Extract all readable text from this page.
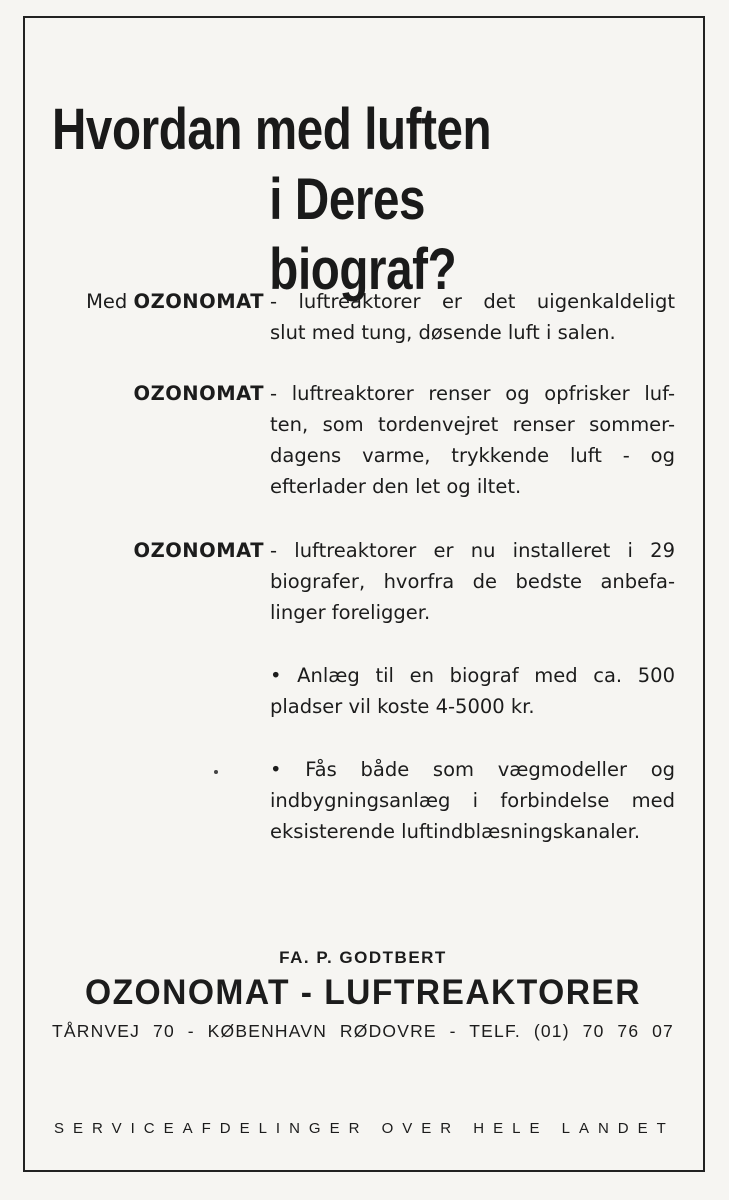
Hvordan med luften
i Deres biograf?
Med OZONOMAT - luftreaktorer er det uigenkaldeligt
slut med tung, døsende luft i salen.
OZONOMAT - luftreaktorer renser og opfrisker luf-
ten, som tordenvejret renser sommer-
dagens varme, trykkende luft - og
efterlader den let og iltet.
OZONOMAT - luftreaktorer er nu installeret i 29
biografer, hvorfra de bedste anbefa-
linger foreligger.
• Anlæg til en biograf med ca. 500
pladser vil koste 4-5000 kr.
• Fås både som vægmodeller og
indbygningsanlæg i forbindelse med
eksisterende luftindblæsningskanaler.
FA. P. GODTBERT
OZONOMAT - LUFTREAKTORER
TÅRNVEJ 70 - KØBENHAVN RØDOVRE - TELF. (01) 70 76 07
SERVICEAFDELINGER OVER HELE LANDET
